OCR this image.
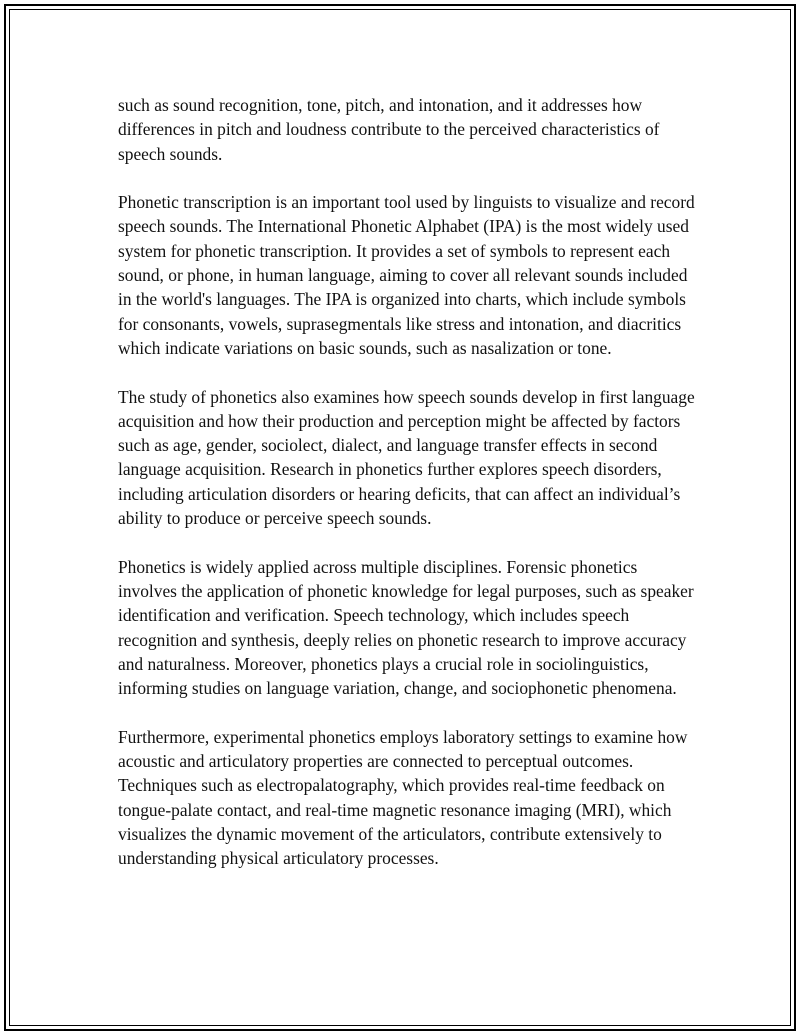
such as sound recognition, tone, pitch, and intonation, and it addresses how differences in pitch and loudness contribute to the perceived characteristics of speech sounds.

Phonetic transcription is an important tool used by linguists to visualize and record speech sounds. The International Phonetic Alphabet (IPA) is the most widely used system for phonetic transcription. It provides a set of symbols to represent each sound, or phone, in human language, aiming to cover all relevant sounds included in the world's languages. The IPA is organized into charts, which include symbols for consonants, vowels, suprasegmentals like stress and intonation, and diacritics which indicate variations on basic sounds, such as nasalization or tone.

The study of phonetics also examines how speech sounds develop in first language acquisition and how their production and perception might be affected by factors such as age, gender, sociolect, dialect, and language transfer effects in second language acquisition. Research in phonetics further explores speech disorders, including articulation disorders or hearing deficits, that can affect an individual’s ability to produce or perceive speech sounds.

Phonetics is widely applied across multiple disciplines. Forensic phonetics involves the application of phonetic knowledge for legal purposes, such as speaker identification and verification. Speech technology, which includes speech recognition and synthesis, deeply relies on phonetic research to improve accuracy and naturalness. Moreover, phonetics plays a crucial role in sociolinguistics, informing studies on language variation, change, and sociophonetic phenomena.

Furthermore, experimental phonetics employs laboratory settings to examine how acoustic and articulatory properties are connected to perceptual outcomes. Techniques such as electropalatography, which provides real-time feedback on tongue-palate contact, and real-time magnetic resonance imaging (MRI), which visualizes the dynamic movement of the articulators, contribute extensively to understanding physical articulatory processes.
